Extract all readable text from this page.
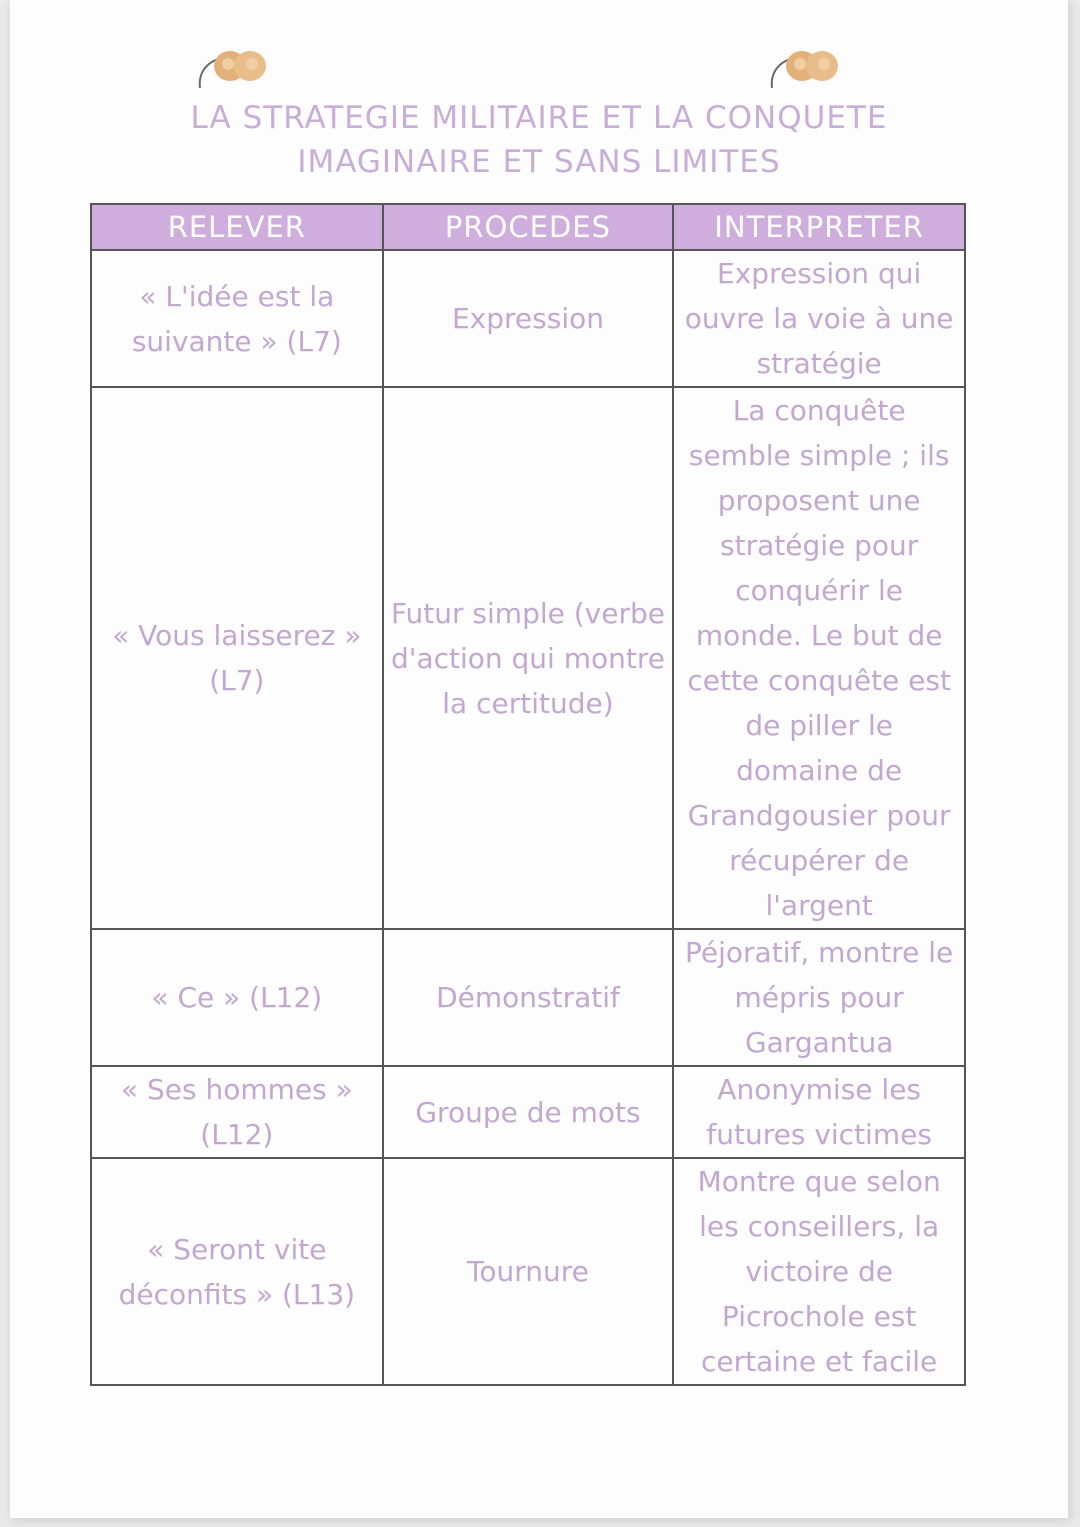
LA STRATEGIE MILITAIRE ET LA CONQUETE
IMAGINAIRE ET SANS LIMITES
RELEVER	PROCEDES	INTERPRETER

« L'idée est la suivante » (L7)	Expression	Expression qui ouvre la voie à une stratégie

« Vous laisserez » (L7)	Futur simple (verbe d'action qui montre la certitude)	La conquête semble simple ; ils proposent une stratégie pour conquérir le monde. Le but de cette conquête est de piller le domaine de Grandgousier pour récupérer de l'argent

« Ce » (L12)	Démonstratif	Péjoratif, montre le mépris pour Gargantua

« Ses hommes » (L12)	Groupe de mots	Anonymise les futures victimes

« Seront vite déconfits » (L13)	Tournure	Montre que selon les conseillers, la victoire de Picrochole est certaine et facile
